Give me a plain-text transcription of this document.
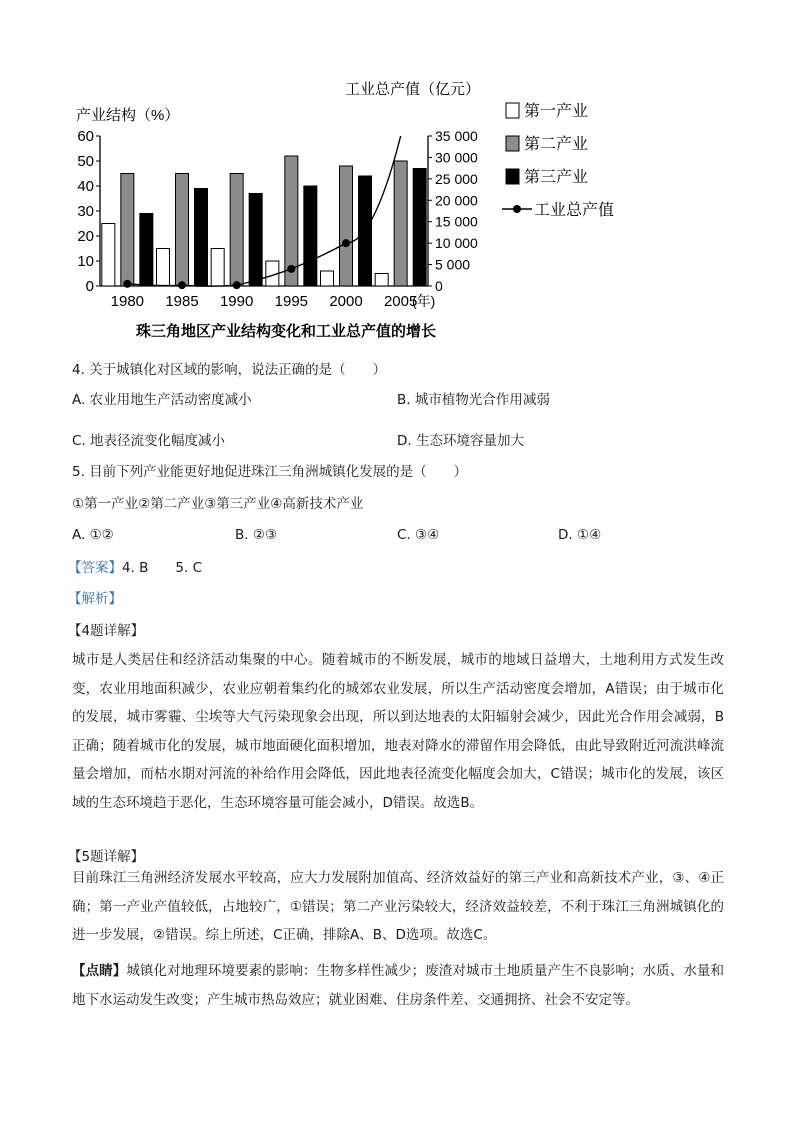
产业结构（%）
工业总产值（亿元）
珠三角地区产业结构变化和工业总产值的增长
(年)
0
10
20
30
40
50
60
0
5 000
10 000
15 000
20 000
25 000
30 000
35 000
1980 1985 1990 1995 2000 2005
第一产业
第二产业
第三产业
工业总产值
4. 关于城镇化对区域的影响，说法正确的是（　　）
A. 农业用地生产活动密度减小	B. 城市植物光合作用减弱
C. 地表径流变化幅度减小	D. 生态环境容量加大
5. 目前下列产业能更好地促进珠江三角洲城镇化发展的是（　　）
①第一产业②第二产业③第三产业④高新技术产业
A. ①②	B. ②③	C. ③④	D. ①④
【答案】4. B　　5. C
【解析】
【4题详解】
城市是人类居住和经济活动集聚的中心。随着城市的不断发展，城市的地域日益增大，土地利用方式发生改变，农业用地面积减少，农业应朝着集约化的城郊农业发展，所以生产活动密度会增加，A错误；由于城市化的发展，城市雾霾、尘埃等大气污染现象会出现，所以到达地表的太阳辐射会减少，因此光合作用会减弱，B正确；随着城市化的发展，城市地面硬化面积增加，地表对降水的滞留作用会降低，由此导致附近河流洪峰流量会增加，而枯水期对河流的补给作用会降低，因此地表径流变化幅度会加大，C错误；城市化的发展，该区域的生态环境趋于恶化，生态环境容量可能会减小，D错误。故选B。
【5题详解】
目前珠江三角洲经济发展水平较高，应大力发展附加值高、经济效益好的第三产业和高新技术产业，③、④正确；第一产业产值较低，占地较广，①错误；第二产业污染较大，经济效益较差，不利于珠江三角洲城镇化的进一步发展，②错误。综上所述，C正确，排除A、B、D选项。故选C。
【点睛】城镇化对地理环境要素的影响：生物多样性减少；废渣对城市土地质量产生不良影响；水质、水量和地下水运动发生改变；产生城市热岛效应；就业困难、住房条件差、交通拥挤、社会不安定等。
